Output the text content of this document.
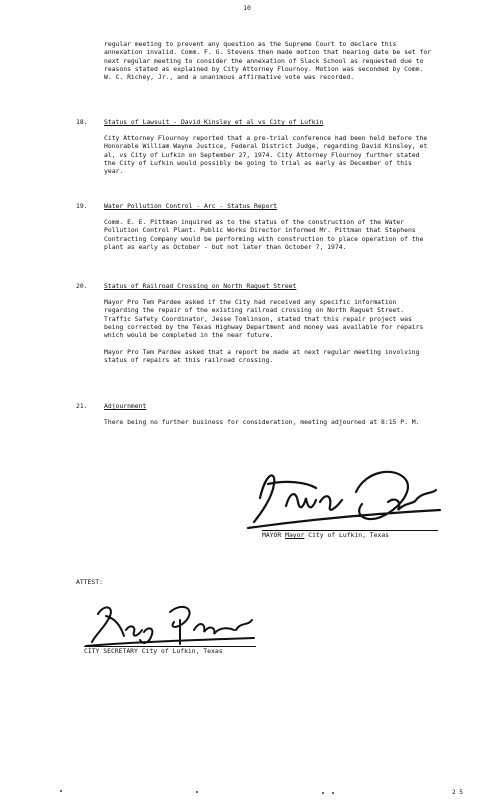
10
regular meeting to prevent any question as the Supreme Court to declare this annexation invalid. Comm. F. G. Stevens then made motion that hearing date be set for next regular meeting to consider the annexation of Slack School as requested due to reasons stated as explained by City Attorney Flournoy. Motion was seconded by Comm. W. C. Richey, Jr., and a unanimous affirmative vote was recorded.
18.	Status of Lawsuit - David Kinsley et al vs City of Lufkin
City Attorney Flournoy reported that a pre-trial conference had been held before the Honorable William Wayne Justice, Federal District Judge, regarding David Kinsley, et al, vs City of Lufkin on September 27, 1974. City Attorney Flournoy further stated the City of Lufkin would possibly be going to trial as early as December of this year.
19.	Water Pollution Control - Arc - Status Report
Comm. E. E. Pittman inquired as to the status of the construction of the Water Pollution Control Plant. Public Works Director informed Mr. Pittman that Stephens Contracting Company would be performing with construction to place operation of the plant as early as October - but not later than October 7, 1974.
20.	Status of Railroad Crossing on North Raguet Street
Mayor Pro Tem Pardee asked if the City had received any specific information regarding the repair of the existing railroad crossing on North Raguet Street. Traffic Safety Coordinator, Jesse Tomlinson, stated that this repair project was being corrected by the Texas Highway Department and money was available for repairs which would be completed in the near future.

Mayor Pro Tem Pardee asked that a report be made at next regular meeting involving status of repairs at this railroad crossing.
21.	Adjournment
There being no further business for consideration, meeting adjourned at 8:15 P. M.
MAYOR Mayor City of Lufkin, Texas
ATTEST:
CITY SECRETARY City of Lufkin, Texas
2 5
